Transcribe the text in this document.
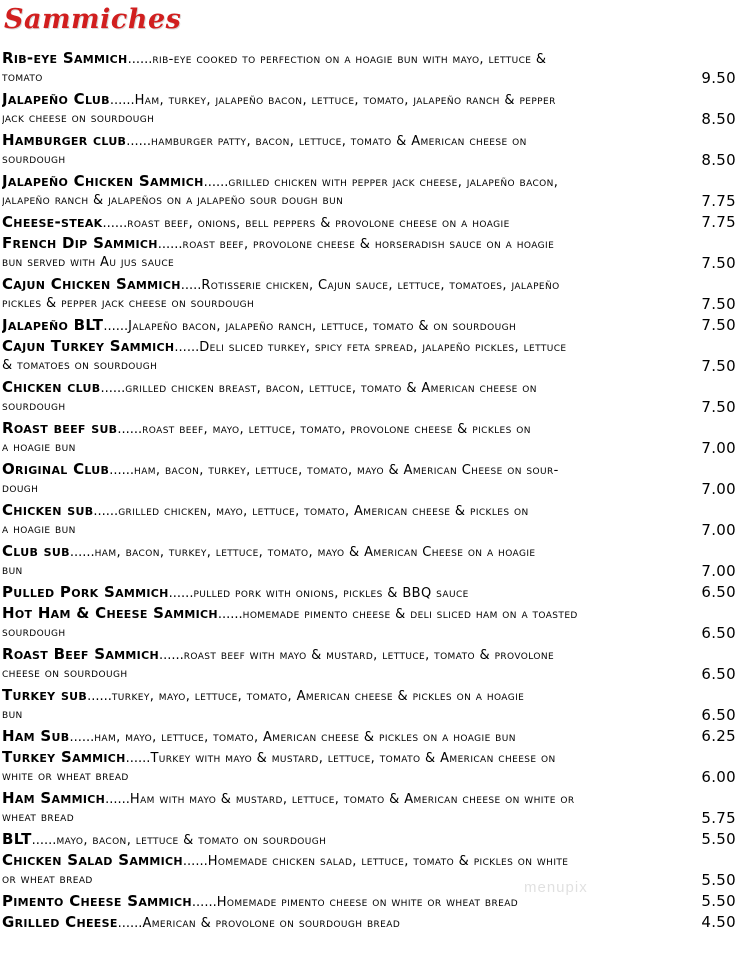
Sammiches
Rib-eye Sammich......rib-eye cooked to perfection on a hoagie bun with mayo, lettuce &
tomato	9.50
Jalapeño Club......Ham, turkey, jalapeño bacon, lettuce, tomato, jalapeño ranch & pepper
jack cheese on sourdough	8.50
Hamburger club......hamburger patty, bacon, lettuce, tomato & American cheese on
sourdough	8.50
Jalapeño Chicken Sammich......grilled chicken with pepper jack cheese, jalapeño bacon,
jalapeño ranch & jalapeños on a jalapeño sour dough bun	7.75
Cheese-steak......roast beef, onions, bell peppers & provolone cheese on a hoagie	7.75
French Dip Sammich......roast beef, provolone cheese & horseradish sauce on a hoagie
bun served with Au jus sauce	7.50
Cajun Chicken Sammich.....Rotisserie chicken, Cajun sauce, lettuce, tomatoes, jalapeño
pickles & pepper jack cheese on sourdough	7.50
Jalapeño BLT......Jalapeño bacon, jalapeño ranch, lettuce, tomato & on sourdough	7.50
Cajun Turkey Sammich......Deli sliced turkey, spicy feta spread, jalapeño pickles, lettuce
& tomatoes on sourdough	7.50
Chicken club......grilled chicken breast, bacon, lettuce, tomato & American cheese on
sourdough	7.50
Roast beef sub......roast beef, mayo, lettuce, tomato, provolone cheese & pickles on
a hoagie bun	7.00
Original Club......ham, bacon, turkey, lettuce, tomato, mayo & American Cheese on sour-
dough	7.00
Chicken sub......grilled chicken, mayo, lettuce, tomato, American cheese & pickles on
a hoagie bun	7.00
Club sub......ham, bacon, turkey, lettuce, tomato, mayo & American Cheese on a hoagie
bun	7.00
Pulled Pork Sammich......pulled pork with onions, pickles & BBQ sauce	6.50
Hot Ham & Cheese Sammich......homemade pimento cheese & deli sliced ham on a toasted
sourdough	6.50
Roast Beef Sammich......roast beef with mayo & mustard, lettuce, tomato & provolone
cheese on sourdough	6.50
Turkey sub......turkey, mayo, lettuce, tomato, American cheese & pickles on a hoagie
bun	6.50
Ham Sub......ham, mayo, lettuce, tomato, American cheese & pickles on a hoagie bun	6.25
Turkey Sammich......Turkey with mayo & mustard, lettuce, tomato & American cheese on
white or wheat bread	6.00
Ham Sammich......Ham with mayo & mustard, lettuce, tomato & American cheese on white or
wheat bread	5.75
BLT......mayo, bacon, lettuce & tomato on sourdough	5.50
Chicken Salad Sammich......Homemade chicken salad, lettuce, tomato & pickles on white
or wheat bread	5.50
Pimento Cheese Sammich......Homemade pimento cheese on white or wheat bread	5.50
Grilled Cheese......American & provolone on sourdough bread	4.50
menupix
